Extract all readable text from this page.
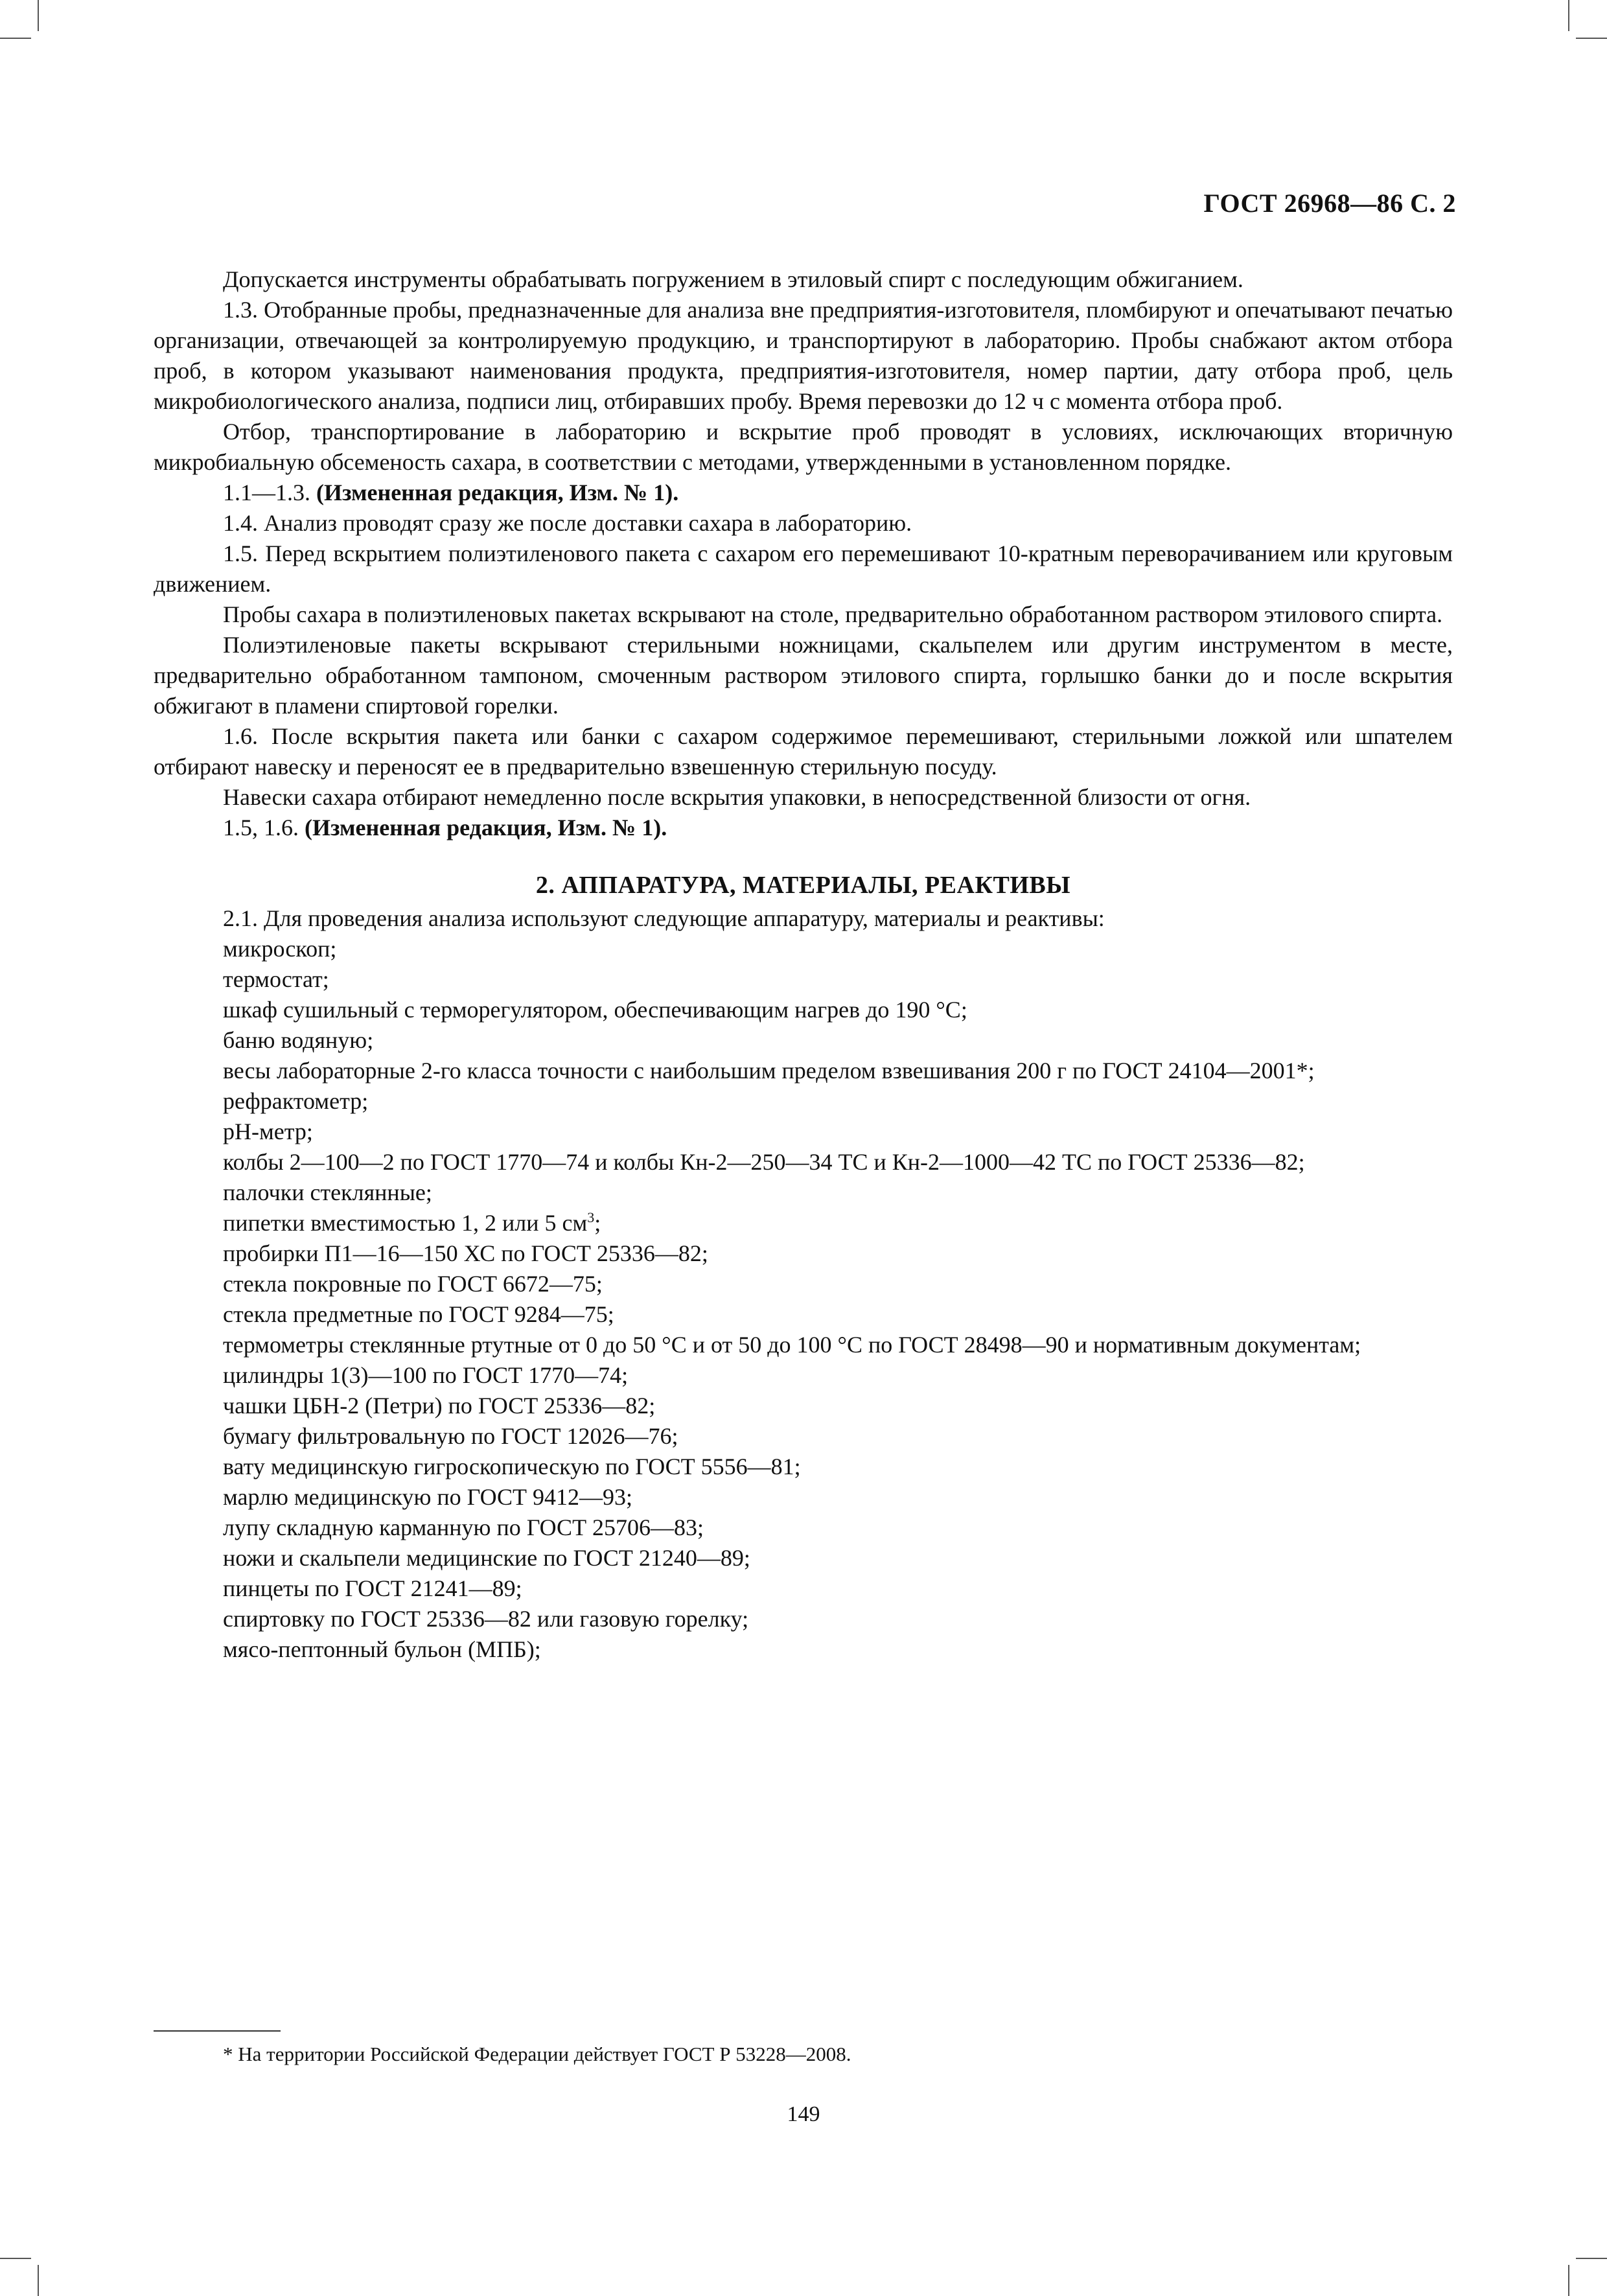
ГОСТ 26968—86 С. 2

Допускается инструменты обрабатывать погружением в этиловый спирт с последующим обжиганием.

1.3. Отобранные пробы, предназначенные для анализа вне предприятия-изготовителя, пломбируют и опечатывают печатью организации, отвечающей за контролируемую продукцию, и транспортируют в лабораторию. Пробы снабжают актом отбора проб, в котором указывают наименования продукта, предприятия-изготовителя, номер партии, дату отбора проб, цель микробиологического анализа, подписи лиц, отбиравших пробу. Время перевозки до 12 ч с момента отбора проб.

Отбор, транспортирование в лабораторию и вскрытие проб проводят в условиях, исключающих вторичную микробиальную обсеменость сахара, в соответствии с методами, утвержденными в установленном порядке.

1.1—1.3. (Измененная редакция, Изм. № 1).

1.4. Анализ проводят сразу же после доставки сахара в лабораторию.

1.5. Перед вскрытием полиэтиленового пакета с сахаром его перемешивают 10-кратным переворачиванием или круговым движением.

Пробы сахара в полиэтиленовых пакетах вскрывают на столе, предварительно обработанном раствором этилового спирта.

Полиэтиленовые пакеты вскрывают стерильными ножницами, скальпелем или другим инструментом в месте, предварительно обработанном тампоном, смоченным раствором этилового спирта, горлышко банки до и после вскрытия обжигают в пламени спиртовой горелки.

1.6. После вскрытия пакета или банки с сахаром содержимое перемешивают, стерильными ложкой или шпателем отбирают навеску и переносят ее в предварительно взвешенную стерильную посуду.

Навески сахара отбирают немедленно после вскрытия упаковки, в непосредственной близости от огня.

1.5, 1.6. (Измененная редакция, Изм. № 1).

2. АППАРАТУРА, МАТЕРИАЛЫ, РЕАКТИВЫ

2.1. Для проведения анализа используют следующие аппаратуру, материалы и реактивы:

микроскоп;

термостат;

шкаф сушильный с терморегулятором, обеспечивающим нагрев до 190 °С;

баню водяную;

весы лабораторные 2-го класса точности с наибольшим пределом взвешивания 200 г по ГОСТ 24104—2001*;

рефрактометр;

рН-метр;

колбы 2—100—2 по ГОСТ 1770—74 и колбы Кн-2—250—34 ТС и Кн-2—1000—42 ТС по ГОСТ 25336—82;

палочки стеклянные;

пипетки вместимостью 1, 2 или 5 $см^3$;

пробирки П1—16—150 ХС по ГОСТ 25336—82;

стекла покровные по ГОСТ 6672—75;

стекла предметные по ГОСТ 9284—75;

термометры стеклянные ртутные от 0 до 50 °С и от 50 до 100 °С по ГОСТ 28498—90 и нормативным документам;

цилиндры 1(3)—100 по ГОСТ 1770—74;

чашки ЦБН-2 (Петри) по ГОСТ 25336—82;

бумагу фильтровальную по ГОСТ 12026—76;

вату медицинскую гигроскопическую по ГОСТ 5556—81;

марлю медицинскую по ГОСТ 9412—93;

лупу складную карманную по ГОСТ 25706—83;

ножи и скальпели медицинские по ГОСТ 21240—89;

пинцеты по ГОСТ 21241—89;

спиртовку по ГОСТ 25336—82 или газовую горелку;

мясо-пептонный бульон (МПБ);

* На территории Российской Федерации действует ГОСТ Р 53228—2008.
149
